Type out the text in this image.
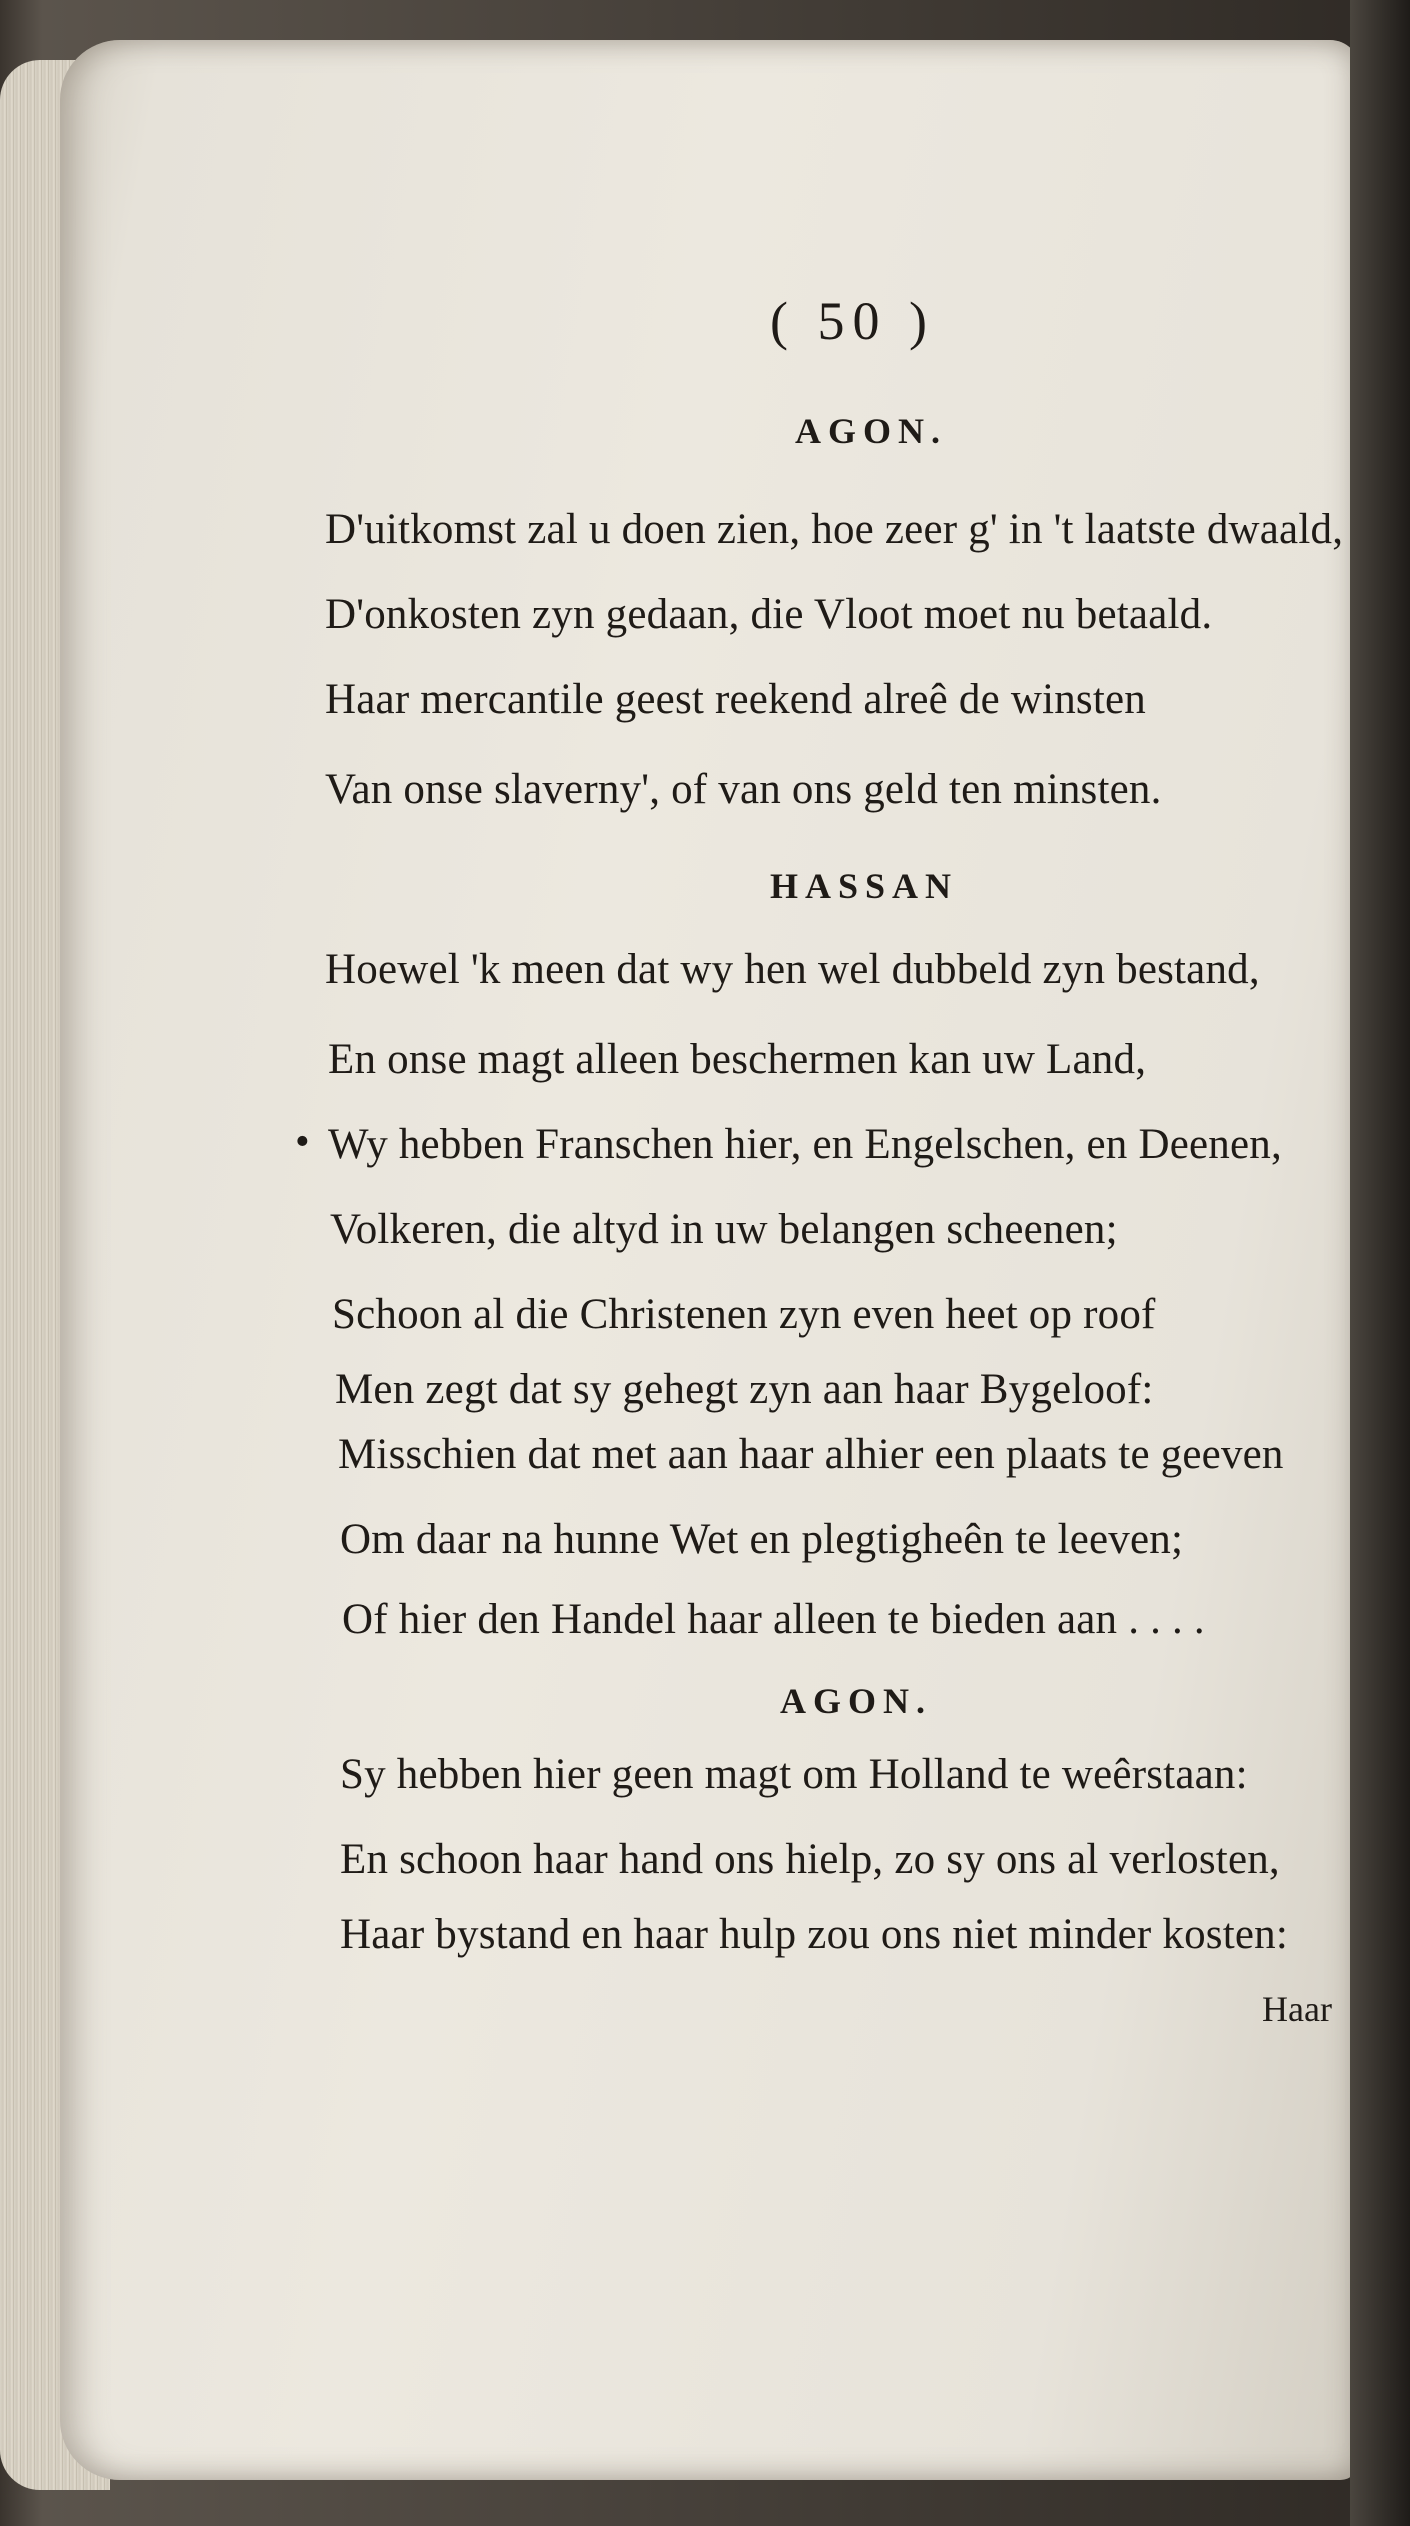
( 50 )
AGON.
D'uitkomst zal u doen zien, hoe zeer g' in 't laatste dwaald,
D'onkosten zyn gedaan, die Vloot moet nu betaald.
Haar mercantile geest reekend alreê de winsten
Van onse slaverny', of van ons geld ten minsten.
HASSAN
Hoewel 'k meen dat wy hen wel dubbeld zyn bestand,
En onse magt alleen beschermen kan uw Land,
• Wy hebben Franschen hier, en Engelschen, en Deenen,
Volkeren, die altyd in uw belangen scheenen;
Schoon al die Christenen zyn even heet op roof
Men zegt dat sy gehegt zyn aan haar Bygeloof:
Misschien dat met aan haar alhier een plaats te geeven
Om daar na hunne Wet en plegtigheên te leeven;
Of hier den Handel haar alleen te bieden aan . . . .
AGON.
Sy hebben hier geen magt om Holland te weêrstaan:
En schoon haar hand ons hielp, zo sy ons al verlosten,
Haar bystand en haar hulp zou ons niet minder kosten:
Haar
